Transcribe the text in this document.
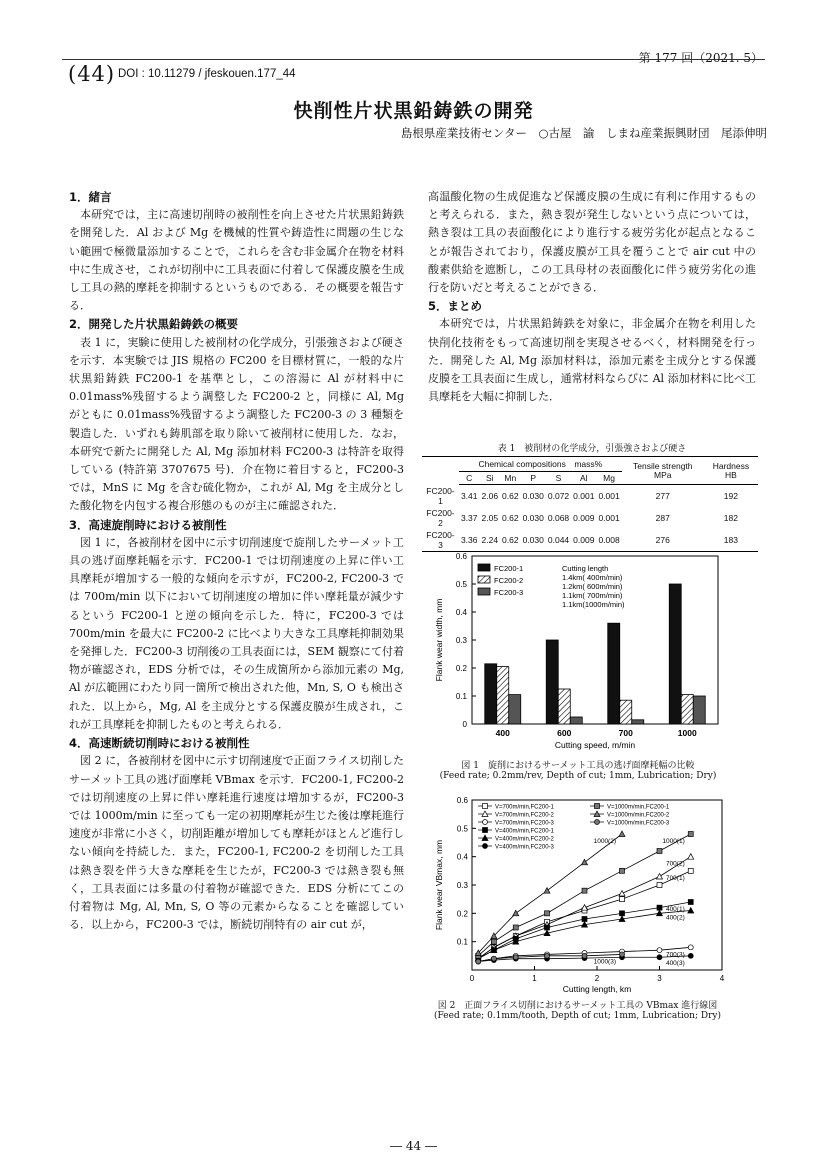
(44) DOI : 10.11279 / jfeskouen.177_44
第 177 回（2021. 5）
快削性片状黒鉛鋳鉄の開発
島根県産業技術センター　○古屋　諭　しまね産業振興財団　尾添伸明
1．緒言

本研究では，主に高速切削時の被削性を向上させた片状黒鉛鋳鉄を開発した．Al および Mg を機械的性質や鋳造性に問題の生じない範囲で極微量添加することで，これらを含む非金属介在物を材料中に生成させ，これが切削中に工具表面に付着して保護皮膜を生成し工具の熱的摩耗を抑制するというものである．その概要を報告する．

2．開発した片状黒鉛鋳鉄の概要

表 1 に，実験に使用した被削材の化学成分，引張強さおよび硬さを示す．本実験では JIS 規格の FC200 を目標材質に，一般的な片状黒鉛鋳鉄 FC200-1 を基準とし，この溶湯に Al が材料中に 0.01mass%残留するよう調整した FC200-2 と，同様に Al, Mg がともに 0.01mass%残留するよう調整した FC200-3 の 3 種類を製造した．いずれも鋳肌部を取り除いて被削材に使用した．なお，本研究で新たに開発した Al, Mg 添加材料 FC200-3 は特許を取得している (特許第 3707675 号)．介在物に着目すると，FC200-3 では，MnS に Mg を含む硫化物か，これが Al, Mg を主成分とした酸化物を内包する複合形態のものが主に確認された．

3．高速旋削時における被削性

図 1 に，各被削材を図中に示す切削速度で旋削したサーメット工具の逃げ面摩耗幅を示す．FC200-1 では切削速度の上昇に伴い工具摩耗が増加する一般的な傾向を示すが，FC200-2, FC200-3 では 700m/min 以下において切削速度の増加に伴い摩耗量が減少するという FC200-1 と逆の傾向を示した．特に，FC200-3 では 700m/min を最大に FC200-2 に比べより大きな工具摩耗抑制効果を発揮した．FC200-3 切削後の工具表面には，SEM 観察にて付着物が確認され，EDS 分析では，その生成箇所から添加元素の Mg, Al が広範囲にわたり同一箇所で検出された他，Mn, S, O も検出された．以上から，Mg, Al を主成分とする保護皮膜が生成され，これが工具摩耗を抑制したものと考えられる．

4．高速断続切削時における被削性

図 2 に，各被削材を図中に示す切削速度で正面フライス切削したサーメット工具の逃げ面摩耗 VBmax を示す．FC200-1, FC200-2 では切削速度の上昇に伴い摩耗進行速度は増加するが，FC200-3 では 1000m/min に至っても一定の初期摩耗が生じた後は摩耗進行速度が非常に小さく，切削距離が増加しても摩耗がほとんど進行しない傾向を持続した．また，FC200-1, FC200-2 を切削した工具は熱き裂を伴う大きな摩耗を生じたが，FC200-3 では熱き裂も無く，工具表面には多量の付着物が確認できた．EDS 分析にてこの付着物は Mg, Al, Mn, S, O 等の元素からなることを確認している．以上から，FC200-3 では，断続切削特有の air cut が，

高温酸化物の生成促進など保護皮膜の生成に有利に作用するものと考えられる．また，熱き裂が発生しないという点については，熱き裂は工具の表面酸化により進行する疲労劣化が起点となることが報告されており，保護皮膜が工具を覆うことで air cut 中の酸素供給を遮断し，この工具母材の表面酸化に伴う疲労劣化の進行を防いだと考えることができる．

5．まとめ

本研究では，片状黒鉛鋳鉄を対象に，非金属介在物を利用した快削化技術をもって高速切削を実現させるべく，材料開発を行った．開発した Al, Mg 添加材料は，添加元素を主成分とする保護皮膜を工具表面に生成し，通常材料ならびに Al 添加材料に比べ工具摩耗を大幅に抑制した．

表 1　被削材の化学成分，引張強さおよび硬さ
	Chemical compositions　mass%							Tensile strength MPa	Hardness HB
	C	Si	Mn	P	S	Al	Mg		
FC200-1	3.41	2.06	0.62	0.030	0.072	0.001	0.001	277	192
FC200-2	3.37	2.05	0.62	0.030	0.068	0.009	0.001	287	182
FC200-3	3.36	2.24	0.62	0.030	0.044	0.009	0.008	276	183
0
0.1
0.2
0.3
0.4
0.5
0.6
Flank wear width, mm
400	600	700	1000
Cutting speed, m/min
FC200-1
FC200-2
FC200-3
Cutting length
1.4km( 400m/min)
1.2km( 600m/min)
1.1km( 700m/min)
1.1km(1000m/min)
図 1　旋削におけるサーメット工具の逃げ面摩耗幅の比較
(Feed rate; 0.2mm/rev, Depth of cut; 1mm, Lubrication; Dry)
0.1
0.2
0.3
0.4
0.5
0.6
0	1	2	3	4
Cutting length, km
Flank wear VBmax, mm	700(1)
700(2)
700(3)
400(1)
400(2)
400(3)
1000(1)
1000(2)
1000(3)
V=700m/min,FC200-1
V=700m/min,FC200-2
V=700m/min,FC200-3
V=400m/min,FC200-1
V=400m/min,FC200-2
V=400m/min,FC200-3
V=1000m/min,FC200-1
V=1000m/min,FC200-2
V=1000m/min,FC200-3
図 2　正面フライス切削におけるサーメット工具の VBmax 進行線図
(Feed rate; 0.1mm/tooth, Depth of cut; 1mm, Lubrication; Dry)
― 44 ―
